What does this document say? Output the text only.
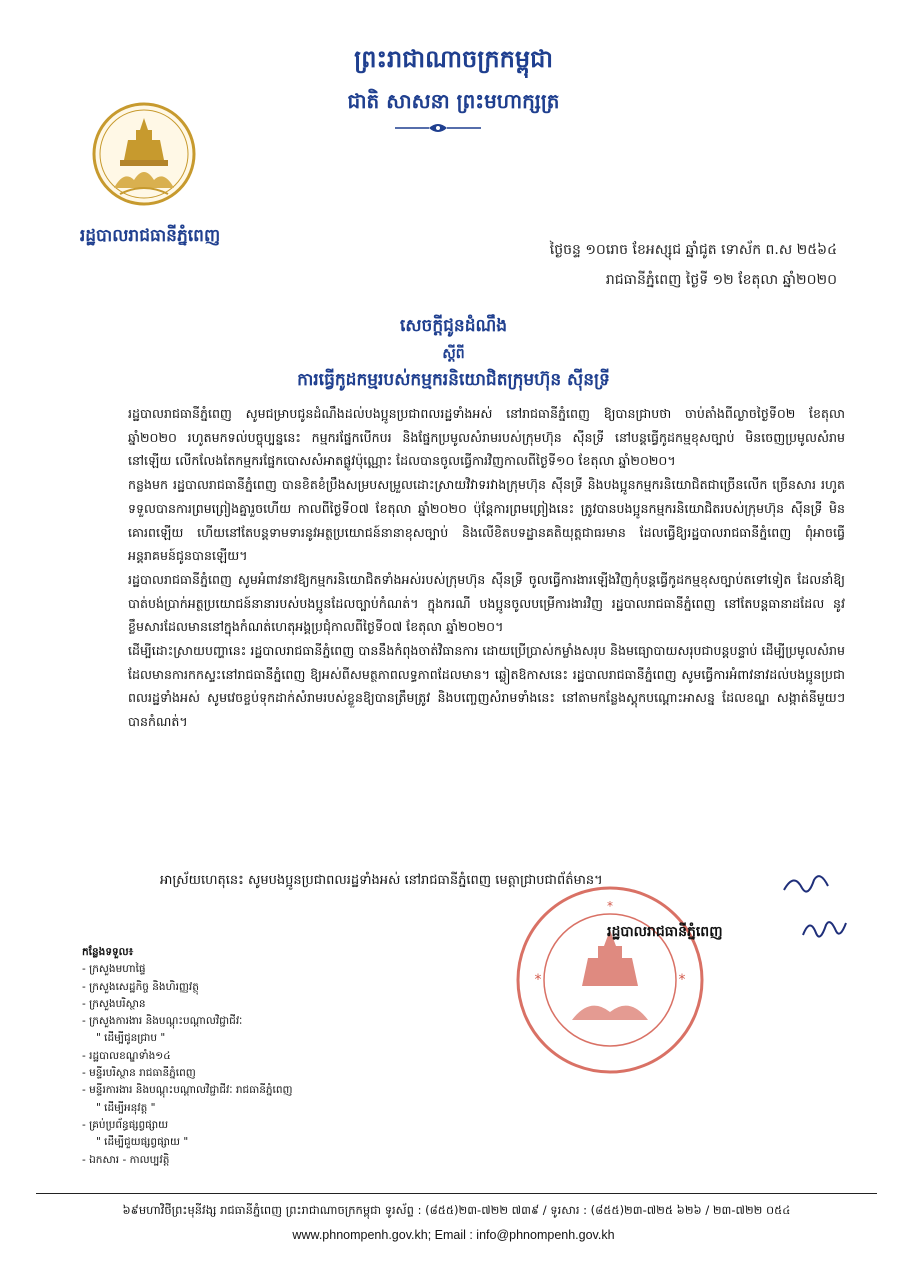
ព្រះរាជាណាចក្រកម្ពុជា
ជាតិ សាសនា ព្រះមហាក្សត្រ
រដ្ឋបាលរាជធានីភ្នំពេញ
ថ្ងៃចន្ទ ១០រោច ខែអស្សុជ ឆ្នាំជូត ទោស័ក ព.ស ២៥៦៤
រាជធានីភ្នំពេញ ថ្ងៃទី ១២ ខែតុលា ឆ្នាំ២០២០
សេចក្តីជូនដំណឹង
ស្តីពី
ការធ្វើកូដកម្មរបស់កម្មករនិយោជិតក្រុមហ៊ុន ស៊ីនទ្រី

រដ្ឋបាលរាជធានីភ្នំពេញ សូមជម្រាបជូនដំណឹងដល់បងប្អូនប្រជាពលរដ្ឋទាំងអស់ នៅរាជធានីភ្នំពេញ ឱ្យបានជ្រាបថា ចាប់តាំងពីល្ងាចថ្ងៃទី០២ ខែតុលា ឆ្នាំ២០២០ រហូតមកទល់បច្ចុប្បន្ននេះ កម្មករផ្នែកបើកបរ និងផ្នែកប្រមូលសំរាមរបស់ក្រុមហ៊ុន ស៊ីនទ្រី នៅបន្តធ្វើកូដកម្មខុសច្បាប់ មិនចេញប្រមូលសំរាមនៅឡើយ លើកលែងតែកម្មករផ្នែកបោសសំអាតផ្លូវប៉ុណ្ណោះ ដែលបានចូលធ្វើការវិញកាលពីថ្ងៃទី១០ ខែតុលា ឆ្នាំ២០២០។

កន្លងមក រដ្ឋបាលរាជធានីភ្នំពេញ បានខិតខំប្រឹងសម្របសម្រួលដោះស្រាយវិវាទរវាងក្រុមហ៊ុន ស៊ីនទ្រី និងបងប្អូនកម្មករនិយោជិតជាច្រើនលើក ច្រើនសារ រហូតទទួលបានការព្រមព្រៀងគ្នារួចហើយ កាលពីថ្ងៃទី០៧ ខែតុលា ឆ្នាំ២០២០ ប៉ុន្តែការព្រមព្រៀងនេះ ត្រូវបានបងប្អូនកម្មករនិយោជិតរបស់ក្រុមហ៊ុន ស៊ីនទ្រី មិនគោរពឡើយ ហើយនៅតែបន្តទាមទារនូវអត្ថប្រយោជន៍នានាខុសច្បាប់ និងលើខិតបទដ្ឋានគតិយុត្តជាធរមាន ដែលធ្វើឱ្យរដ្ឋបាលរាជធានីភ្នំពេញ ពុំអាចធ្វើអន្តរាគមន៍ជូនបានឡើយ។

រដ្ឋបាលរាជធានីភ្នំពេញ សូមអំពាវនាវឱ្យកម្មករនិយោជិតទាំងអស់របស់ក្រុមហ៊ុន ស៊ីនទ្រី ចូលធ្វើការងារឡើងវិញកុំបន្តធ្វើកូដកម្មខុសច្បាប់តទៅទៀត ដែលនាំឱ្យបាត់បង់ប្រាក់អត្ថប្រយោជន៍នានារបស់បងប្អូនដែលច្បាប់កំណត់។ ក្នុងករណី បងប្អូនចូលបម្រើការងារវិញ រដ្ឋបាលរាជធានីភ្នំពេញ នៅតែបន្តធានាដដែល នូវខ្លឹមសារដែលមាននៅក្នុងកំណត់ហេតុអង្គប្រជុំកាលពីថ្ងៃទី០៧ ខែតុលា ឆ្នាំ២០២០។

ដើម្បីដោះស្រាយបញ្ហានេះ រដ្ឋបាលរាជធានីភ្នំពេញ បាននឹងកំពុងចាត់វិធានការ ដោយប្រើប្រាស់កម្លាំងសរុប និងមធ្យោបាយសរុបជាបន្តបន្ទាប់ ដើម្បីប្រមូលសំរាមដែលមានការកកស្ទះនៅរាជធានីភ្នំពេញ ឱ្យអស់ពីសមត្ថភាពលទ្ធភាពដែលមាន។ ឆ្លៀតឱកាសនេះ រដ្ឋបាលរាជធានីភ្នំពេញ សូមធ្វើការអំពាវនាវដល់បងប្អូនប្រជាពលរដ្ឋទាំងអស់ សូមវេចខ្ចប់ទុកដាក់សំរាមរបស់ខ្លួនឱ្យបានត្រឹមត្រូវ និងបញ្ចេញសំរាមទាំងនេះ នៅតាមកន្លែងស្តុកបណ្តោះអាសន្ន ដែលខណ្ឌ សង្កាត់នីមួយៗបានកំណត់។

អាស្រ័យហេតុនេះ សូមបងប្អូនប្រជាពលរដ្ឋទាំងអស់ នៅរាជធានីភ្នំពេញ មេត្តាជ្រាបជាព័ត៌មាន។
*
*	*
រដ្ឋបាលរាជធានីភ្នំពេញ
កន្លែងទទួល៖
- ក្រសួងមហាផ្ទៃ
- ក្រសួងសេដ្ឋកិច្ច និងហិរញ្ញវត្ថុ
- ក្រសួងបរិស្ថាន
- ក្រសួងការងារ និងបណ្តុះបណ្តាលវិជ្ជាជីវៈ
" ដើម្បីជូនជ្រាប "
- រដ្ឋបាលខណ្ឌទាំង១៤
- មន្ទីរបរិស្ថាន រាជធានីភ្នំពេញ
- មន្ទីរការងារ និងបណ្តុះបណ្តាលវិជ្ជាជីវៈ រាជធានីភ្នំពេញ
" ដើម្បីអនុវត្ត "
- គ្រប់ប្រព័ន្ធផ្សព្វផ្សាយ
" ដើម្បីជួយផ្សព្វផ្សាយ "
- ឯកសារ - កាលប្បវត្តិ
៦៩មហាវិថីព្រះមុនីវង្ស រាជធានីភ្នំពេញ ព្រះរាជាណាចក្រកម្ពុជា ទូរស័ព្ទ : (៨៥៥)២៣-៧២២ ៧៣៩ / ទូរសារ : (៨៥៥)២៣-៧២៥ ៦២៦ / ២៣-៧២២ ០៥៤
www.phnompenh.gov.kh; Email : info@phnompenh.gov.kh
